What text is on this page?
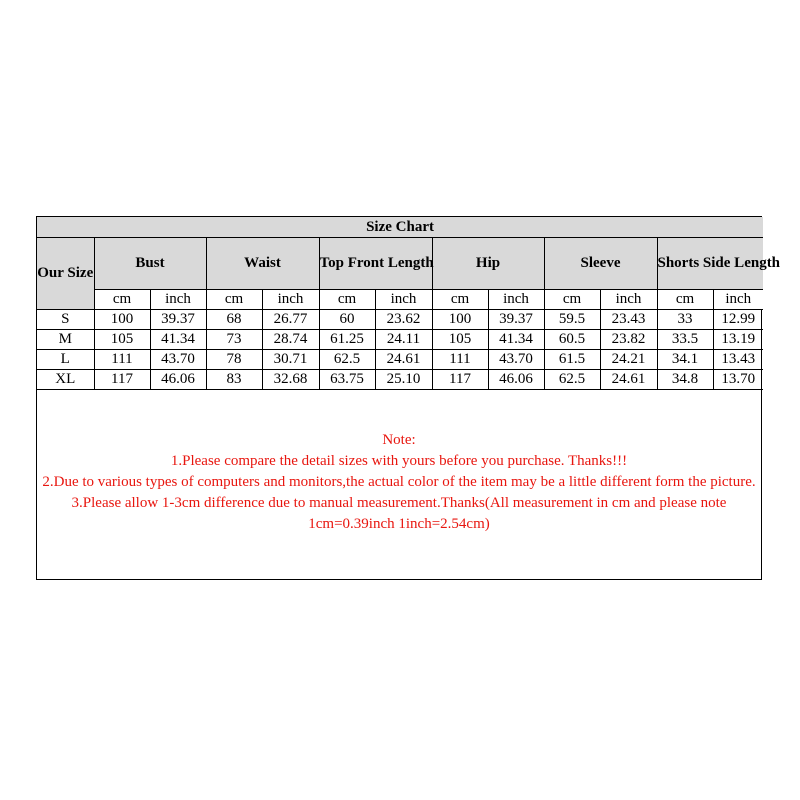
Size Chart												
Our Size	Bust		Waist		Top Front Length		Hip		Sleeve		Shorts Side Length	
	cm	inch	cm	inch	cm	inch	cm	inch	cm	inch	cm	inch
S	100	39.37	68	26.77	60	23.62	100	39.37	59.5	23.43	33	12.99
M	105	41.34	73	28.74	61.25	24.11	105	41.34	60.5	23.82	33.5	13.19
L	111	43.70	78	30.71	62.5	24.61	111	43.70	61.5	24.21	34.1	13.43
XL	117	46.06	83	32.68	63.75	25.10	117	46.06	62.5	24.61	34.8	13.70
Note:
1.Please compare the detail sizes with yours before you purchase. Thanks!!!
2.Due to various types of computers and monitors,the actual color of the item may be a little different form the picture.
3.Please allow 1-3cm difference due to manual measurement.Thanks(All measurement in cm and please note 1cm=0.39inch 1inch=2.54cm)
